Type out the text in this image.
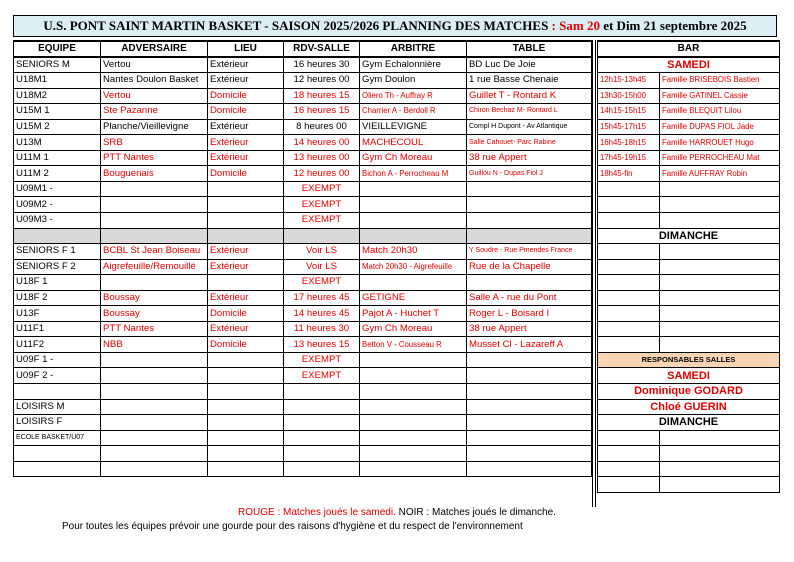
U.S. PONT SAINT MARTIN BASKET - SAISON 2025/2026 PLANNING DES MATCHES : Sam 20 et Dim 21 septembre 2025
EQUIPE	ADVERSAIRE	LIEU	RDV-SALLE	ARBITRE	TABLE
SENIORS M	Vertou	Extérieur	16 heures 30	Gym Echalonnière	BD Luc De Joie
U18M1	Nantes Doulon Basket	Extérieur	12 heures 00	Gym Doulon	1 rue Basse Chenaie
U18M2	Vertou	Domicile	18 heures 15	Oliero Th - Auffray R	Guillet T - Rontard K
U15M 1	Ste Pazanne	Domicile	16 heures 15	Charrier A - Berdoll R	Chiron Bechaz M- Rontard L
U15M 2	Planche/Vieillevigne	Extérieur	8 heures 00	VIEILLEVIGNE	Compl H Dupont - Av Atlantique
U13M	SRB	Extérieur	14 heures 00	MACHECOUL	Salle Cahouet- Parc Rabine
U11M 1	PTT Nantes	Extérieur	13 heures 00	Gym Ch Moreau	38 rue Appert
U11M 2	Bouguenais	Domicile	12 heures 00	Bichon A - Perrocheau M	Guillou N - Dupas Fiol J
U09M1 -			EXEMPT		
U09M2 -			EXEMPT		
U09M3 -			EXEMPT		

SENIORS F 1	BCBL St Jean Boiseau	Extérieur	Voir LS	Match 20h30	Y Soudre - Rue Pmendes France
SENIORS F 2	Aigrefeuille/Remouillé	Extérieur	Voir LS	Match 20h30 - Aigrefeuille	Rue de la Chapelle
U18F 1			EXEMPT		
U18F 2	Boussay	Extérieur	17 heures 45	GETIGNE	Salle A - rue du Pont
U13F	Boussay	Domicile	14 heures 45	Pajot A - Huchet T	Roger L - Boisard I
U11F1	PTT Nantes	Extérieur	11 heures 30	Gym Ch Moreau	38 rue Appert
U11F2	NBB	Domicile	13 heures 15	Betton V - Cousseau R	Musset Cl - Lazareff A
U09F 1 -			EXEMPT		
U09F 2 -			EXEMPT		

LOISIRS M					
LOISIRS F					
ECOLE BASKET/U07					

BAR	
SAMEDI	
12h15-13h45	Famille BRISEBOIS Bastien
13h30-15h00	Famille GATINEL Cassie
14h15-15h15	Famille BLEQUIT Lilou
15h45-17h15	Famille DUPAS FIOL Jade
16h45-18h15	Famille HARROUET Hugo
17h45-19h15	Famille PERROCHEAU Mat
18h45-fin	Famille AUFFRAY Robin

DIMANCHE	

RESPONSABLES SALLES	
SAMEDI	
Dominique GODARD	
Chloé GUERIN	
DIMANCHE	

ROUGE : Matches joués le samedi. NOIR : Matches joués le dimanche.
Pour toutes les équipes prévoir une gourde pour des raisons d'hygiène et du respect de l'environnement
